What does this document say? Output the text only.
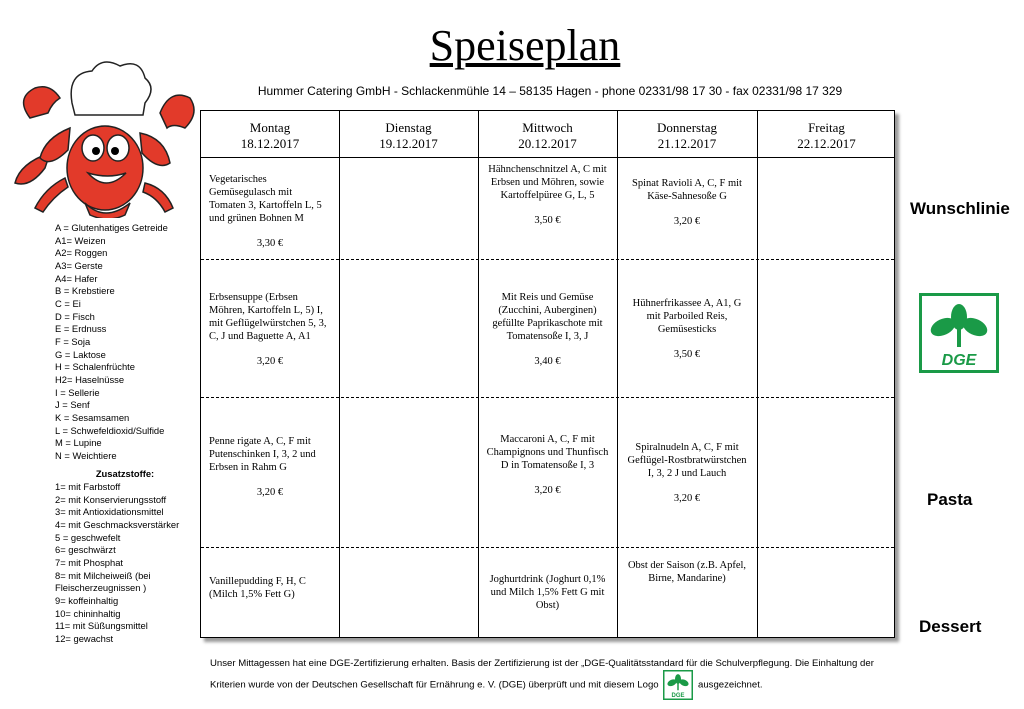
Speiseplan
Hummer Catering GmbH - Schlackenmühle 14 – 58135 Hagen - phone 02331/98 17 30 - fax 02331/98 17 329
A = Glutenhatiges Getreide
A1= Weizen
A2= Roggen
A3= Gerste
A4= Hafer
B = Krebstiere
C = Ei
D = Fisch
E = Erdnuss
F = Soja
G = Laktose
H = Schalenfrüchte
H2= Haselnüsse
I = Sellerie
J = Senf
K = Sesamsamen
L = Schwefeldioxid/Sulfide
M = Lupine
N = Weichtiere
Zusatzstoffe:
1= mit Farbstoff
2= mit Konservierungsstoff
3= mit Antioxidationsmittel
4= mit Geschmacksverstärker
5 = geschwefelt
6= geschwärzt
7= mit Phosphat
8= mit Milcheiweiß (bei Fleischerzeugnissen )
9= koffeinhaltig
10= chininhaltig
11= mit Süßungsmittel
12= gewachst
Montag
18.12.2017
Dienstag
19.12.2017
Mittwoch
20.12.2017
Donnerstag
21.12.2017
Freitag
22.12.2017
Vegetarisches Gemüsegulasch mit Tomaten 3, Kartoffeln L, 5 und grünen Bohnen M
3,30 €
Hähnchenschnitzel A, C mit Erbsen und Möhren, sowie Kartoffelpüree G, L, 5
3,50 €
Spinat Ravioli A, C, F mit Käse-Sahnesoße G
3,20 €
Erbsensuppe (Erbsen Möhren, Kartoffeln L, 5) I, mit Geflügelwürstchen 5, 3, C, J und Baguette A, A1
3,20 €
Mit Reis und Gemüse (Zucchini, Auberginen) gefüllte Paprikaschote mit Tomatensoße I, 3, J
3,40 €
Hühnerfrikassee A, A1, G mit Parboiled Reis, Gemüsesticks
3,50 €
Penne rigate A, C, F mit Putenschinken I, 3, 2 und Erbsen in Rahm G
3,20 €
Maccaroni A, C, F mit Champignons und Thunfisch D in Tomatensoße I, 3
3,20 €
Spiralnudeln A, C, F mit Geflügel-Rostbratwürstchen I, 3, 2 J und Lauch
3,20 €
Vanillepudding F, H, C (Milch 1,5% Fett G)
Joghurtdrink (Joghurt 0,1% und Milch 1,5% Fett G mit Obst)
Obst der Saison (z.B. Apfel, Birne, Mandarine)
Wunschlinie
Pasta
Dessert
DGE
Unser Mittagessen hat eine DGE-Zertifizierung erhalten. Basis der Zertifizierung ist der „DGE-Qualitätsstandard für die Schulverpflegung. Die Einhaltung der
Kriterien wurde von der Deutschen Gesellschaft für Ernährung e. V. (DGE) überprüft und mit diesem Logo
DGE
ausgezeichnet.
